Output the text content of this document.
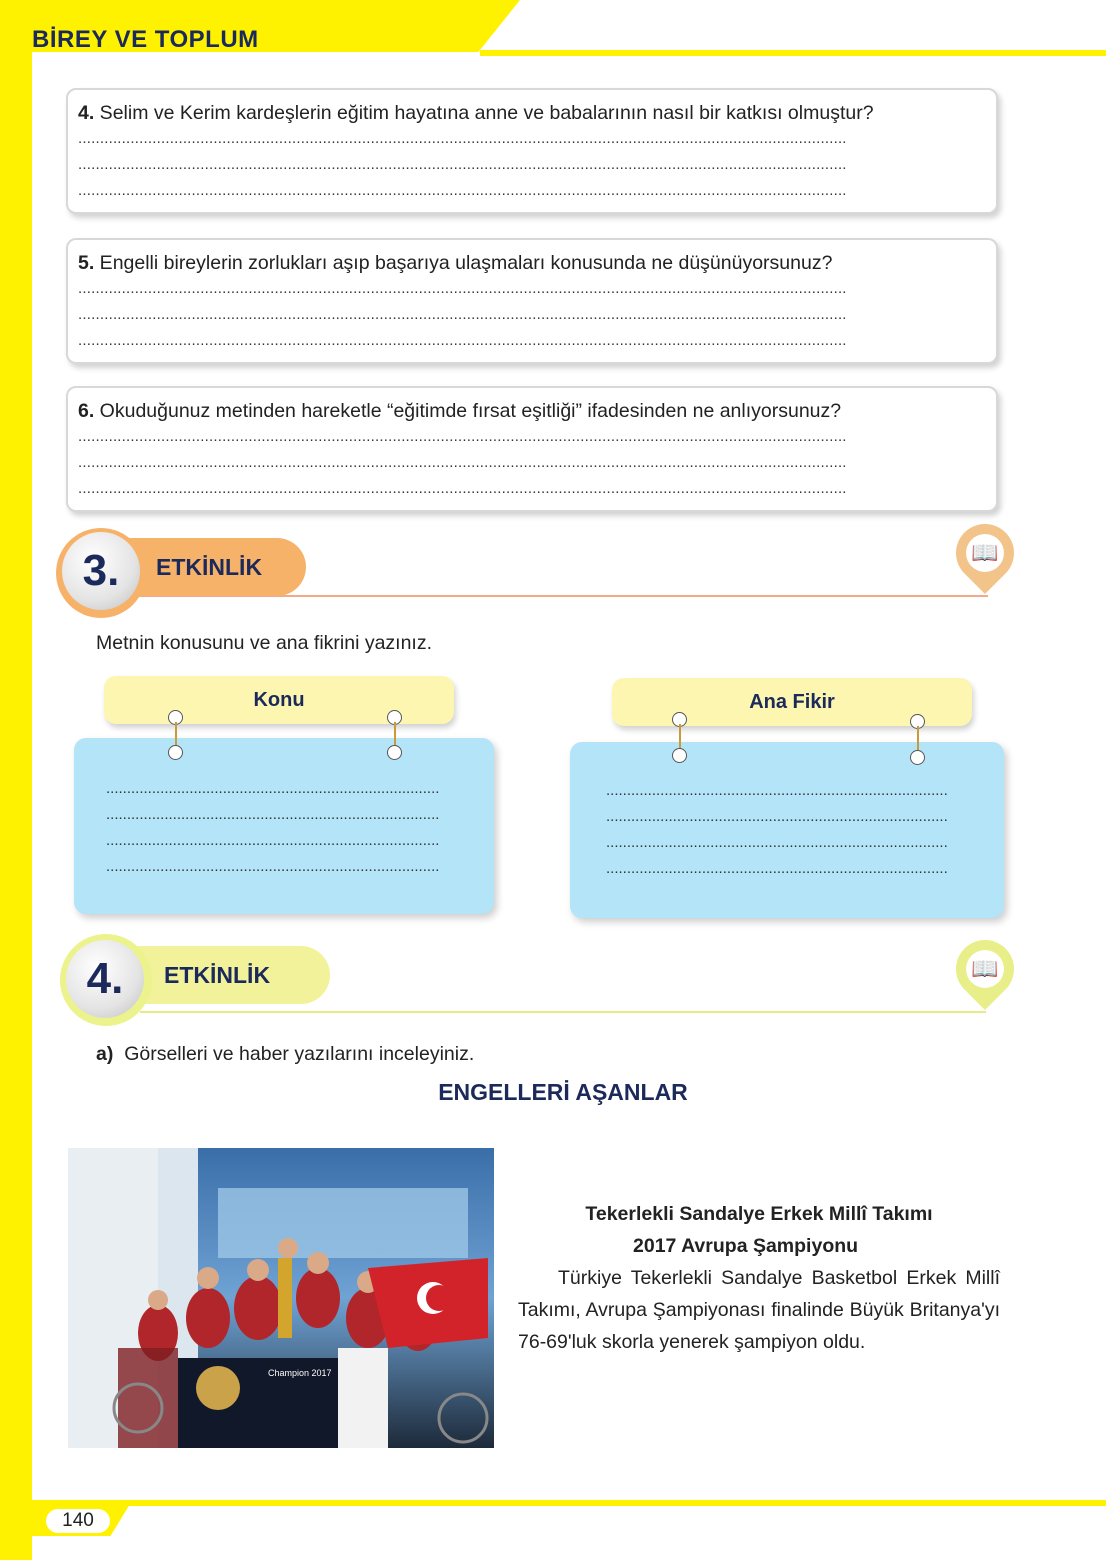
BİREY VE TOPLUM
4. Selim ve Kerim kardeşlerin eğitim hayatına anne ve babalarının nasıl bir katkısı olmuştur?
................................................................................................................................................................................
................................................................................................................................................................................
................................................................................................................................................................................
5. Engelli bireylerin zorlukları aşıp başarıya ulaşmaları konusunda ne düşünüyorsunuz?
................................................................................................................................................................................
................................................................................................................................................................................
................................................................................................................................................................................
6. Okuduğunuz metinden hareketle “eğitimde fırsat eşitliği” ifadesinden ne anlıyorsunuz?
................................................................................................................................................................................
................................................................................................................................................................................
................................................................................................................................................................................
ETKİNLİK
3.	📖
Metnin konusunu ve ana fikrini yazınız.
................................................................................
................................................................................
................................................................................
................................................................................
Konu
..................................................................................
..................................................................................
..................................................................................
..................................................................................
Ana Fikir
ETKİNLİK
4.	📖
a) Görselleri ve haber yazılarını inceleyiniz.
ENGELLERİ AŞANLAR
Champion 2017
Tekerlekli Sandalye Erkek Millî Takımı
2017 Avrupa Şampiyonu
Türkiye Tekerlekli Sandalye Basketbol Erkek Millî Takımı, Avrupa Şampiyonası finalinde Büyük Britanya'yı 76-69'luk skorla yenerek şampiyon oldu.
140
